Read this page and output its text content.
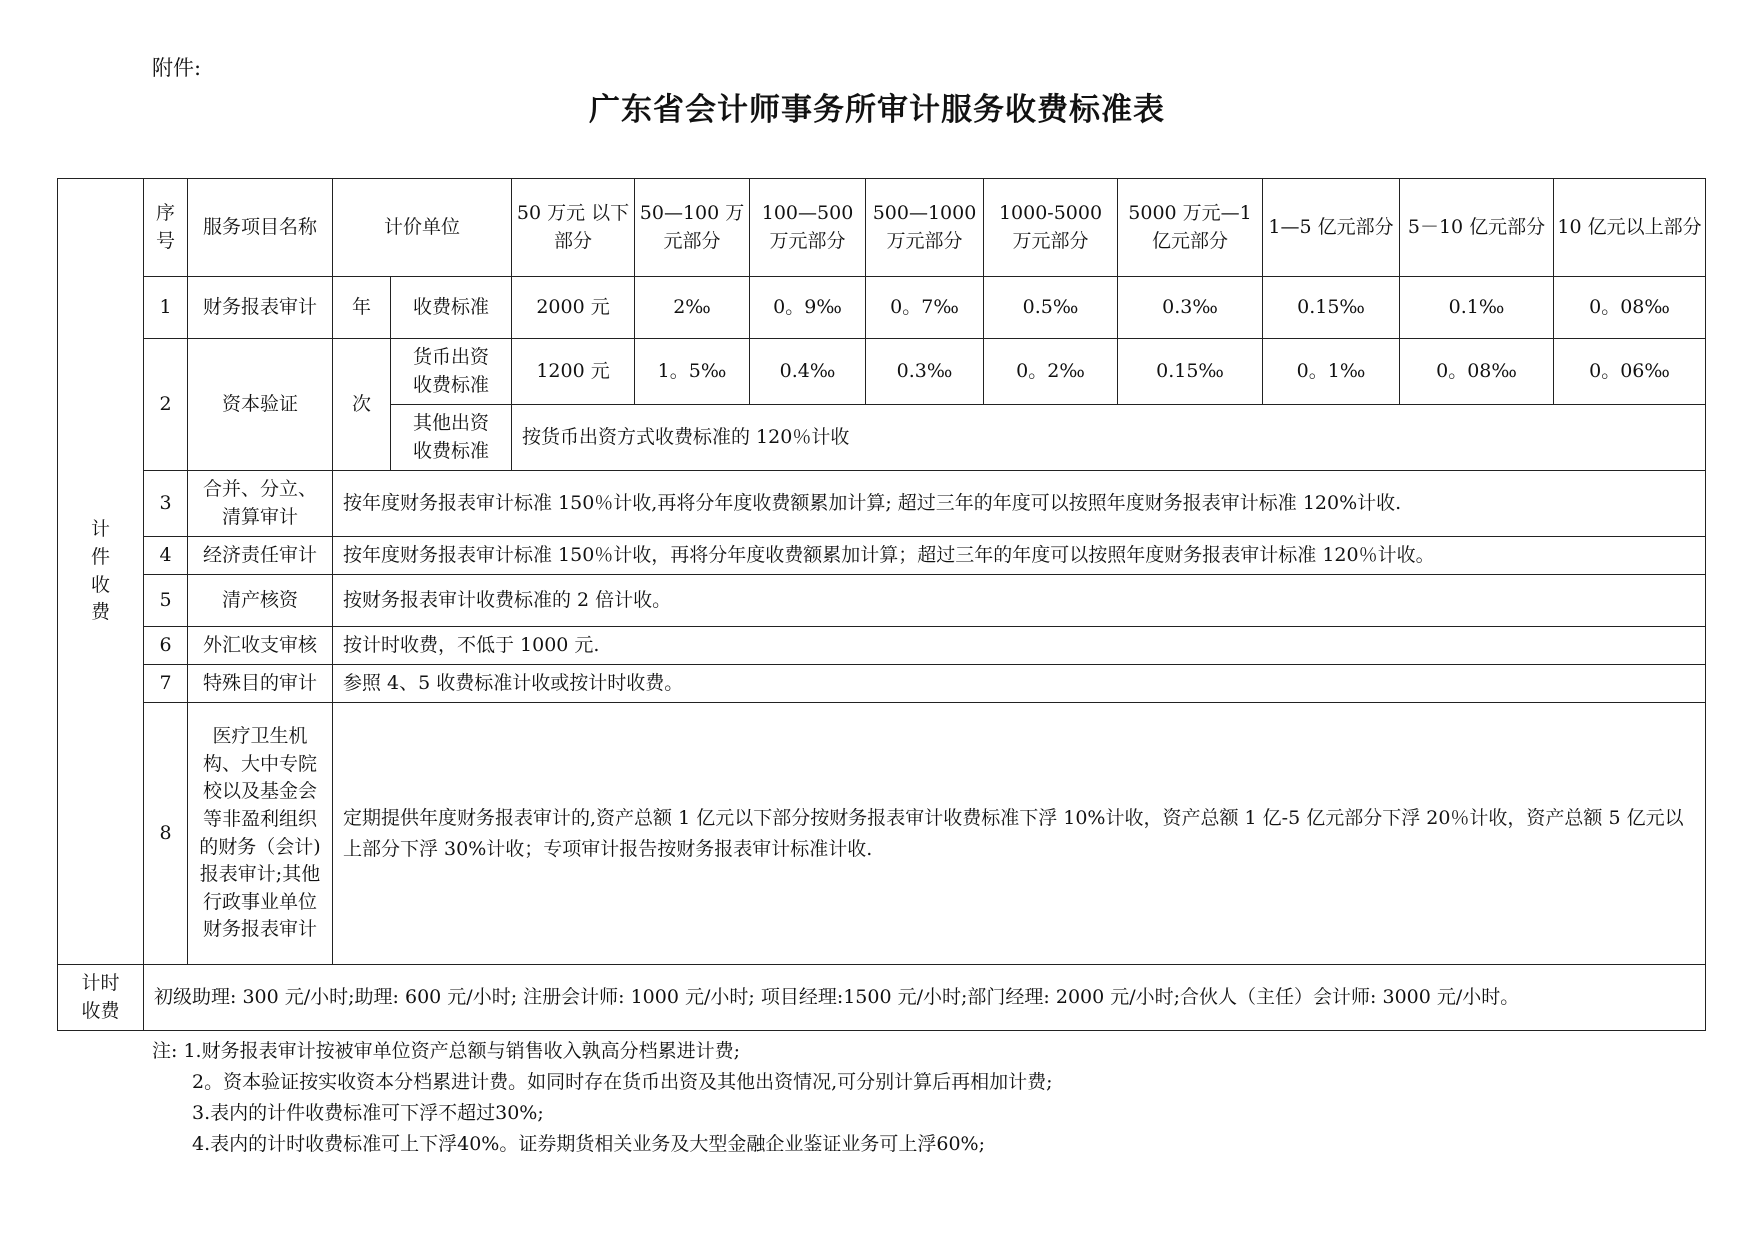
附件:
广东省会计师事务所审计服务收费标准表
计件收费	序号	服务项目名称	计价单位		50 万元 以下部分	50—100 万元部分	100—500 万元部分	500—1000 万元部分	1000-5000 万元部分	5000 万元—1 亿元部分	1—5 亿元部分	5－10 亿元部分	10 亿元以上部分
	1	财务报表审计	年	收费标准	2000 元	2‰	0。9‰	0。7‰	0.5‰	0.3‰	0.15‰	0.1‰	0。08‰
	2	资本验证	次	货币出资收费标准	1200 元	1。5‰	0.4‰	0.3‰	0。2‰	0.15‰	0。1‰	0。08‰	0。06‰
				其他出资收费标准	按货币出资方式收费标准的 120％计收								
	3	合并、分立、清算审计	按年度财务报表审计标准 150％计收,再将分年度收费额累加计算; 超过三年的年度可以按照年度财务报表审计标准 120%计收.										
	4	经济责任审计	按年度财务报表审计标准 150％计收，再将分年度收费额累加计算；超过三年的年度可以按照年度财务报表审计标准 120％计收。										
	5	清产核资	按财务报表审计收费标准的 2 倍计收。										
	6	外汇收支审核	按计时收费，不低于 1000 元.										
	7	特殊目的审计	参照 4、5 收费标准计收或按计时收费。										
	8	医疗卫生机构、大中专院校以及基金会等非盈利组织的财务（会计)报表审计;其他行政事业单位财务报表审计	定期提供年度财务报表审计的,资产总额 1 亿元以下部分按财务报表审计收费标准下浮 10%计收，资产总额 1 亿-5 亿元部分下浮 20％计收，资产总额 5 亿元以上部分下浮 30%计收；专项审计报告按财务报表审计标准计收.										
计时收费	初级助理: 300 元/小时;助理: 600 元/小时; 注册会计师: 1000 元/小时; 项目经理:1500 元/小时;部门经理: 2000 元/小时;合伙人（主任）会计师: 3000 元/小时。												
注: 1.财务报表审计按被审单位资产总额与销售收入孰高分档累进计费;
2。资本验证按实收资本分档累进计费。如同时存在货币出资及其他出资情况,可分别计算后再相加计费;
3.表内的计件收费标准可下浮不超过30%;
4.表内的计时收费标准可上下浮40%。证券期货相关业务及大型金融企业鉴证业务可上浮60%;
